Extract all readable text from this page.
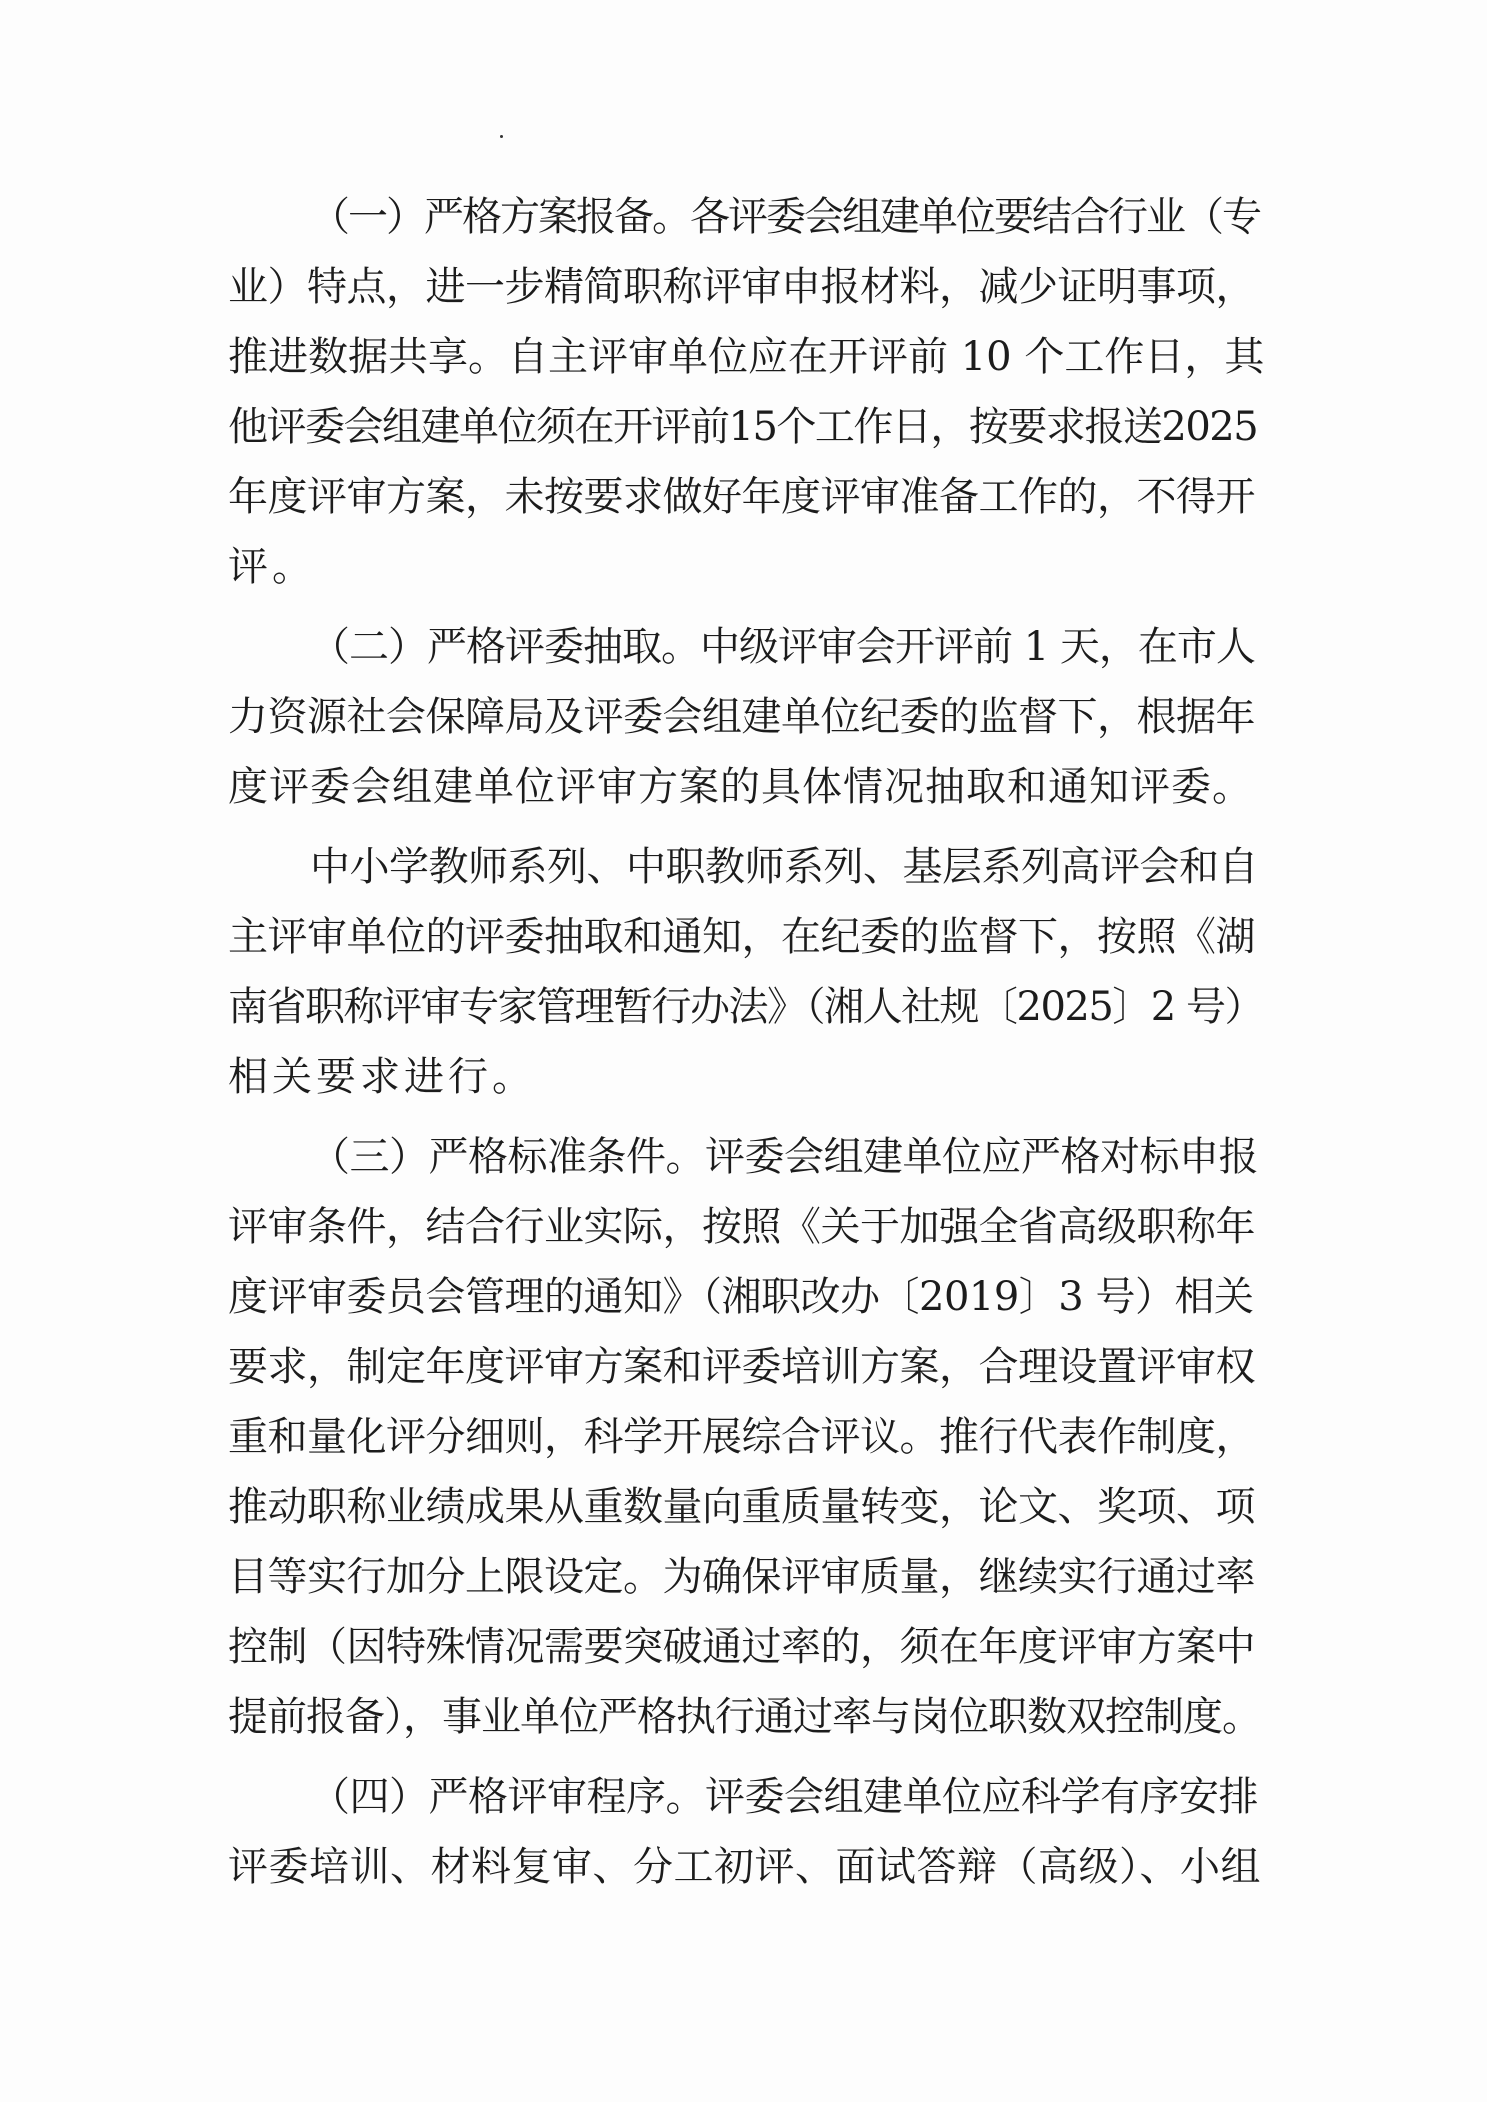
（一）严格方案报备。各评委会组建单位要结合行业（专
业）特点，进一步精简职称评审申报材料，减少证明事项，
推进数据共享。自主评审单位应在开评前 10 个工作日，其
他评委会组建单位须在开评前15个工作日，按要求报送2025
年度评审方案，未按要求做好年度评审准备工作的，不得开
评。
（二）严格评委抽取。中级评审会开评前 1 天，在市人
力资源社会保障局及评委会组建单位纪委的监督下，根据年
度评委会组建单位评审方案的具体情况抽取和通知评委。
中小学教师系列、中职教师系列、基层系列高评会和自
主评审单位的评委抽取和通知，在纪委的监督下，按照《湖
南省职称评审专家管理暂行办法》（湘人社规〔2025〕2 号）
相关要求进行。
（三）严格标准条件。评委会组建单位应严格对标申报
评审条件，结合行业实际，按照《关于加强全省高级职称年
度评审委员会管理的通知》（湘职改办〔2019〕3 号）相关
要求，制定年度评审方案和评委培训方案，合理设置评审权
重和量化评分细则，科学开展综合评议。推行代表作制度，
推动职称业绩成果从重数量向重质量转变，论文、奖项、项
目等实行加分上限设定。为确保评审质量，继续实行通过率
控制（因特殊情况需要突破通过率的，须在年度评审方案中
提前报备），事业单位严格执行通过率与岗位职数双控制度。
（四）严格评审程序。评委会组建单位应科学有序安排
评委培训、材料复审、分工初评、面试答辩（高级）、小组
